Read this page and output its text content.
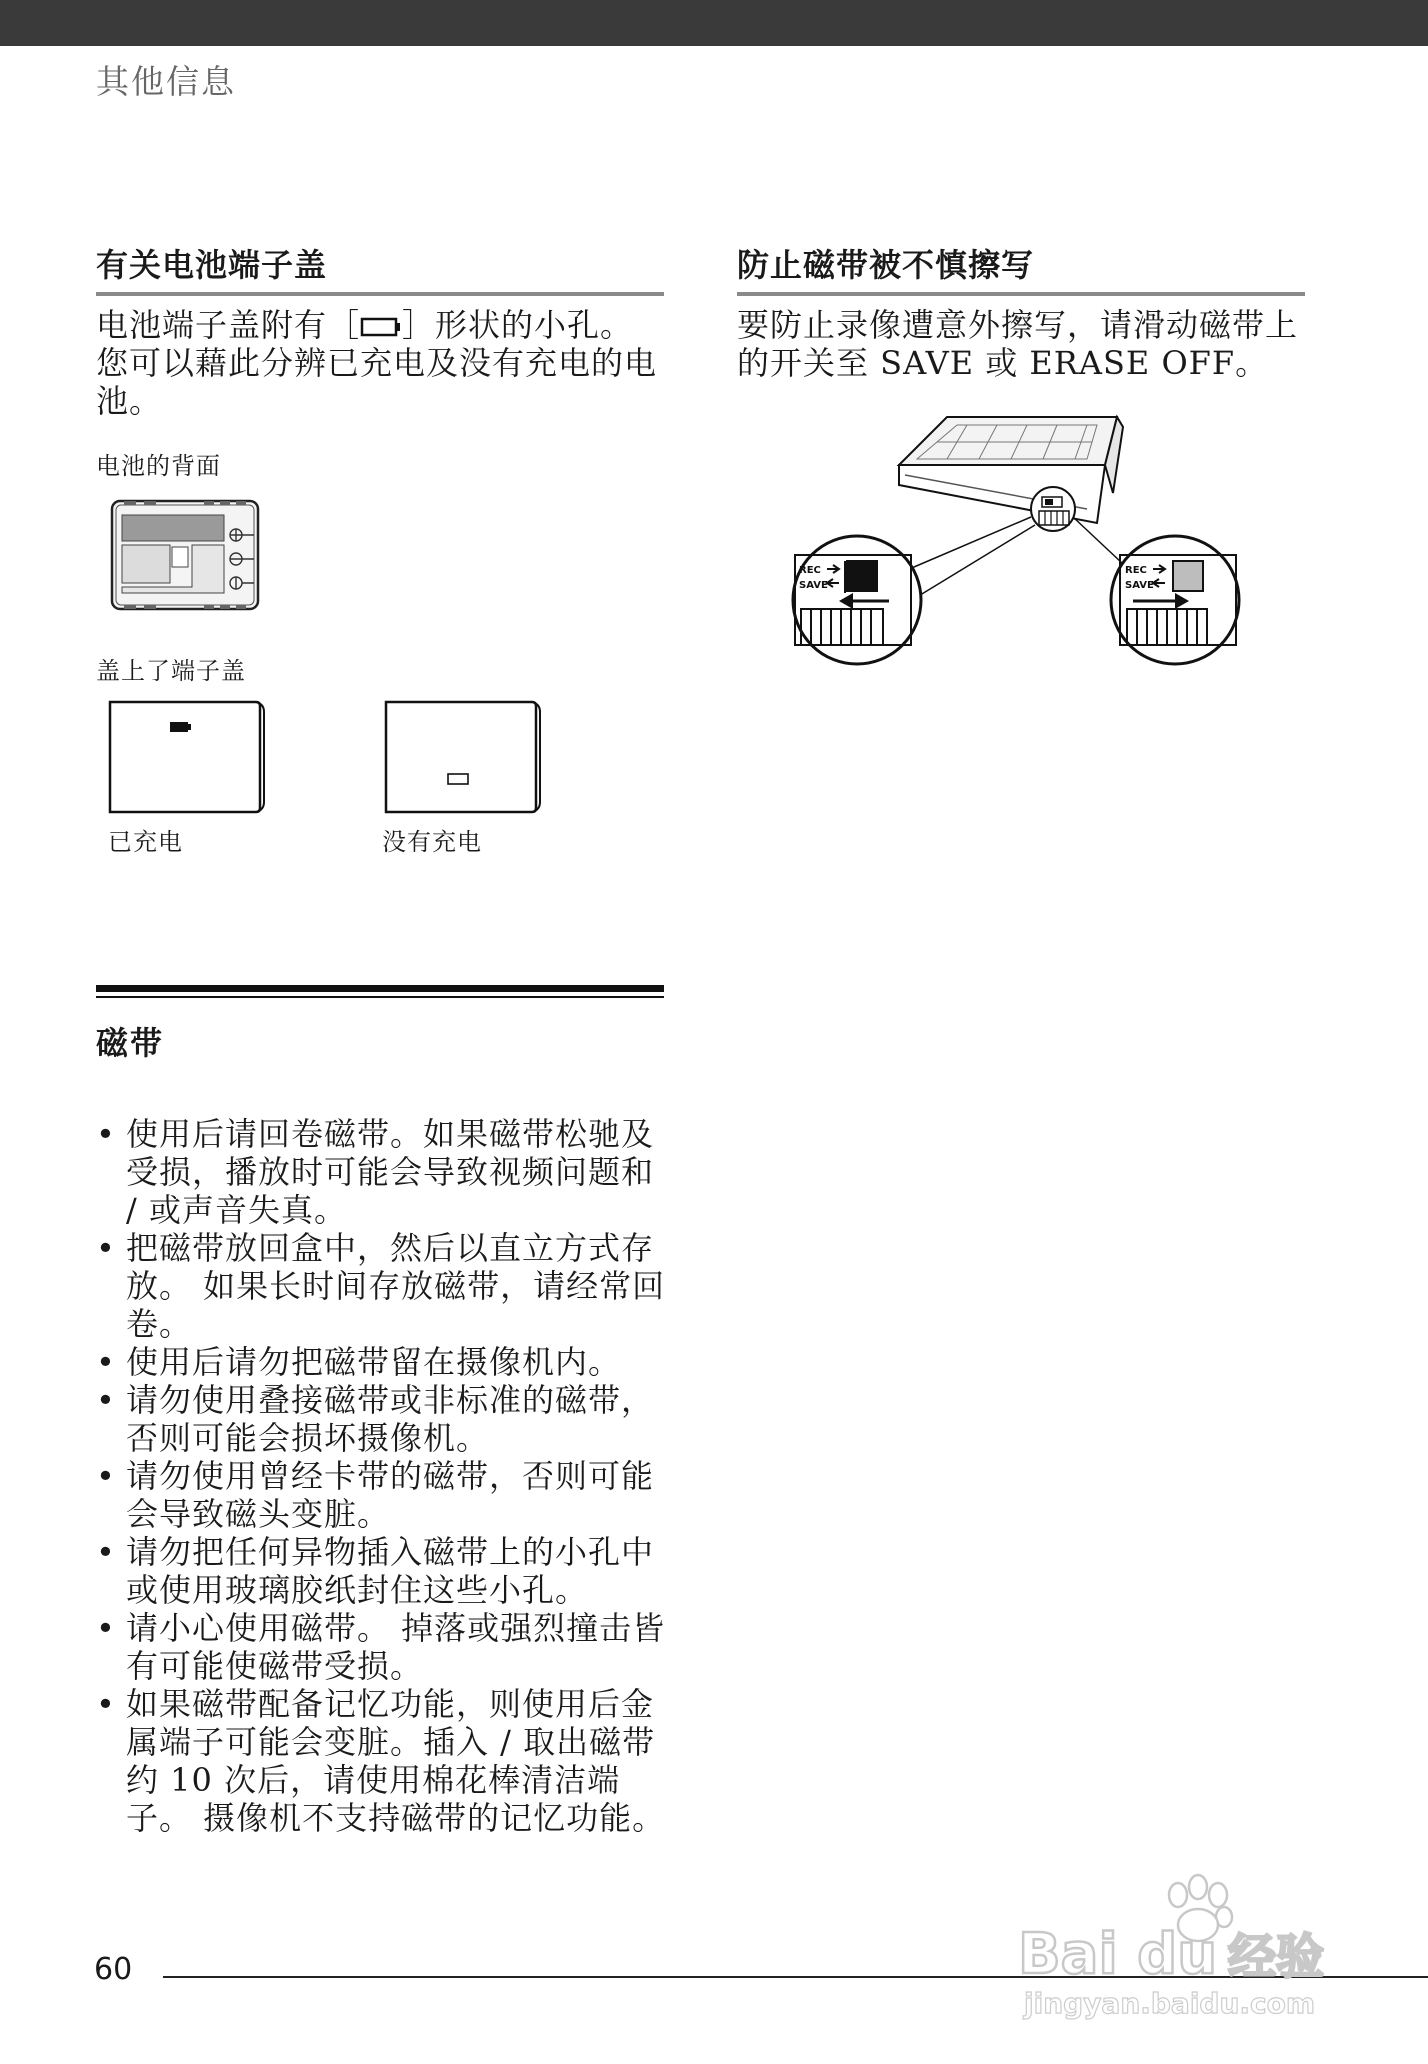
其他信息
有关电池端子盖
电池端子盖附有［ ］形状的小孔。您可以藉此分辨已充电及没有充电的电池。
电池的背面
盖上了端子盖
已充电	没有充电
防止磁带被不慎擦写
要防止录像遭意外擦写，请滑动磁带上的开关至 SAVE 或 ERASE OFF。
REC
SAVE
REC
SAVE
磁带
• 使用后请回卷磁带。如果磁带松驰及受损，播放时可能会导致视频问题和 / 或声音失真。
• 把磁带放回盒中，然后以直立方式存放。 如果长时间存放磁带，请经常回卷。
• 使用后请勿把磁带留在摄像机内。
• 请勿使用叠接磁带或非标准的磁带，否则可能会损坏摄像机。
• 请勿使用曾经卡带的磁带，否则可能会导致磁头变脏。
• 请勿把任何异物插入磁带上的小孔中或使用玻璃胶纸封住这些小孔。
• 请小心使用磁带。 掉落或强烈撞击皆有可能使磁带受损。
• 如果磁带配备记忆功能，则使用后金属端子可能会变脏。插入 / 取出磁带约 10 次后，请使用棉花棒清洁端子。 摄像机不支持磁带的记忆功能。
60	Bai du 经验
jingyan.baidu.com
